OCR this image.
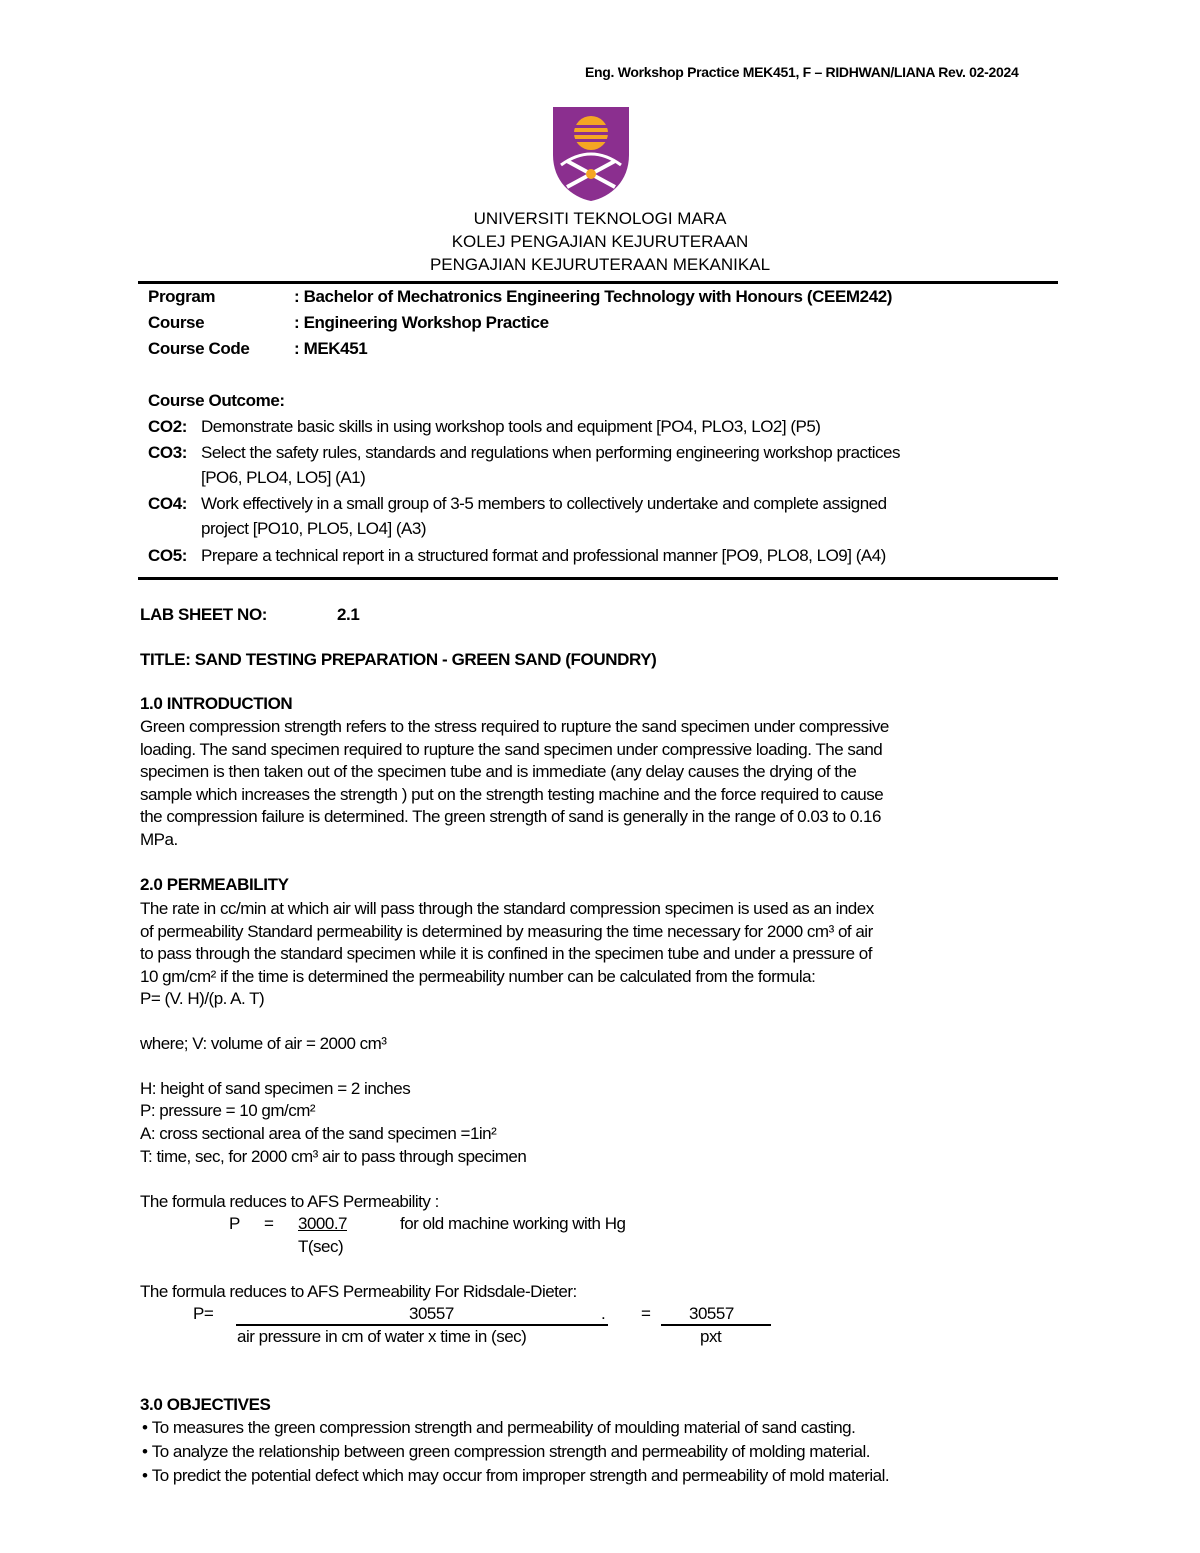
Eng. Workshop Practice MEK451, F – RIDHWAN/LIANA Rev. 02-2024
UNIVERSITI TEKNOLOGI MARA
KOLEJ PENGAJIAN KEJURUTERAAN
PENGAJIAN KEJURUTERAAN MEKANIKAL
Program	: Bachelor of Mechatronics Engineering Technology with Honours (CEEM242)
Course	: Engineering Workshop Practice
Course Code	: MEK451
Course Outcome:
CO2: Demonstrate basic skills in using workshop tools and equipment [PO4, PLO3, LO2] (P5)
CO3: Select the safety rules, standards and regulations when performing engineering workshop practices
[PO6, PLO4, LO5] (A1)
CO4: Work effectively in a small group of 3-5 members to collectively undertake and complete assigned
project [PO10, PLO5, LO4] (A3)
CO5: Prepare a technical report in a structured format and professional manner [PO9, PLO8, LO9] (A4)
LAB SHEET NO:	2.1
TITLE: SAND TESTING PREPARATION - GREEN SAND (FOUNDRY)
1.0 INTRODUCTION
Green compression strength refers to the stress required to rupture the sand specimen under compressive
loading. The sand specimen required to rupture the sand specimen under compressive loading. The sand
specimen is then taken out of the specimen tube and is immediate (any delay causes the drying of the
sample which increases the strength ) put on the strength testing machine and the force required to cause
the compression failure is determined. The green strength of sand is generally in the range of 0.03 to 0.16
MPa.
2.0 PERMEABILITY
The rate in cc/min at which air will pass through the standard compression specimen is used as an index
of permeability Standard permeability is determined by measuring the time necessary for 2000 cm³ of air
to pass through the standard specimen while it is confined in the specimen tube and under a pressure of
10 gm/cm² if the time is determined the permeability number can be calculated from the formula:
P= (V. H)/(p. A. T)
where; V: volume of air = 2000 cm³
H: height of sand specimen = 2 inches
P: pressure = 10 gm/cm²
A: cross sectional area of the sand specimen =1in²
T: time, sec, for 2000 cm³ air to pass through specimen
The formula reduces to AFS Permeability :
P = 3000.7
T(sec)
for old machine working with Hg
The formula reduces to AFS Permeability For Ridsdale-Dieter:
P=	30557	.
air pressure in cm of water x time in (sec)
= 30557
pxt
3.0 OBJECTIVES
• To measures the green compression strength and permeability of moulding material of sand casting.
• To analyze the relationship between green compression strength and permeability of molding material.
• To predict the potential defect which may occur from improper strength and permeability of mold material.
